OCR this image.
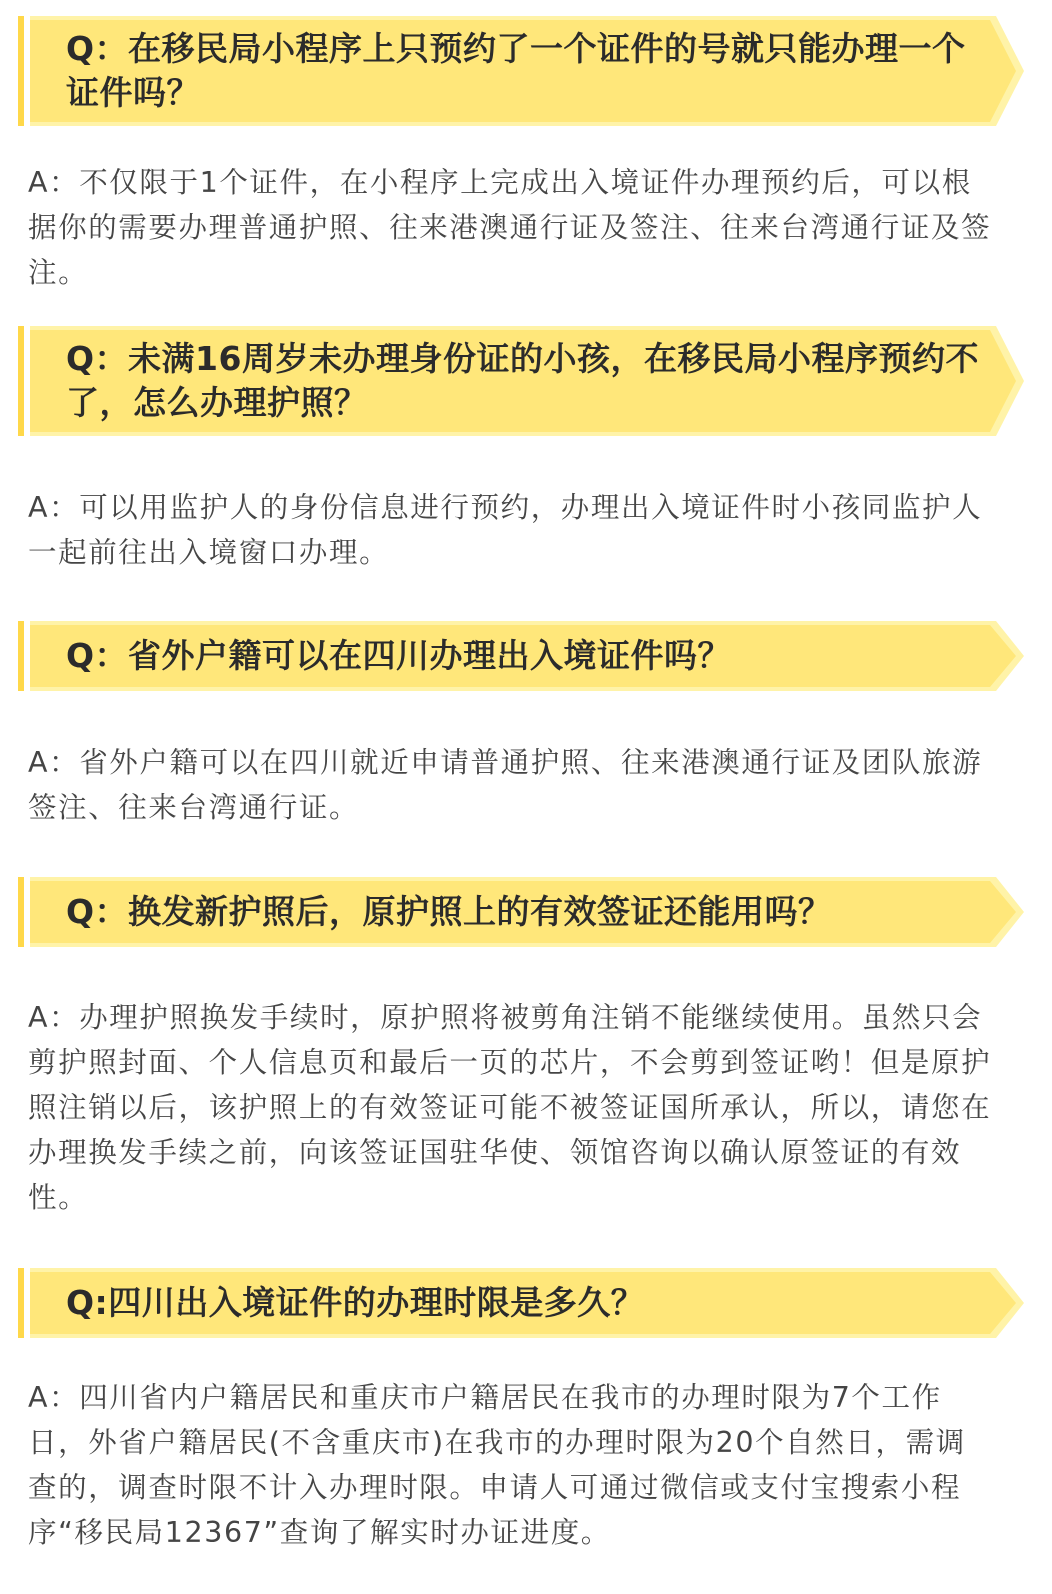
Q：在移民局小程序上只预约了一个证件的号就只能办理一个证件吗？

A：不仅限于1个证件，在小程序上完成出入境证件办理预约后，可以根据你的需要办理普通护照、往来港澳通行证及签注、往来台湾通行证及签注。

Q：未满16周岁未办理身份证的小孩，在移民局小程序预约不了，怎么办理护照？

A：可以用监护人的身份信息进行预约，办理出入境证件时小孩同监护人一起前往出入境窗口办理。

Q：省外户籍可以在四川办理出入境证件吗？

A：省外户籍可以在四川就近申请普通护照、往来港澳通行证及团队旅游签注、往来台湾通行证。

Q：换发新护照后，原护照上的有效签证还能用吗？

A：办理护照换发手续时，原护照将被剪角注销不能继续使用。虽然只会剪护照封面、个人信息页和最后一页的芯片，不会剪到签证哟！但是原护照注销以后，该护照上的有效签证可能不被签证国所承认，所以，请您在办理换发手续之前，向该签证国驻华使、领馆咨询以确认原签证的有效性。

Q:四川出入境证件的办理时限是多久？

A：四川省内户籍居民和重庆市户籍居民在我市的办理时限为7个工作日，外省户籍居民(不含重庆市)在我市的办理时限为20个自然日，需调查的，调查时限不计入办理时限。申请人可通过微信或支付宝搜索小程序“移民局12367”查询了解实时办证进度。
